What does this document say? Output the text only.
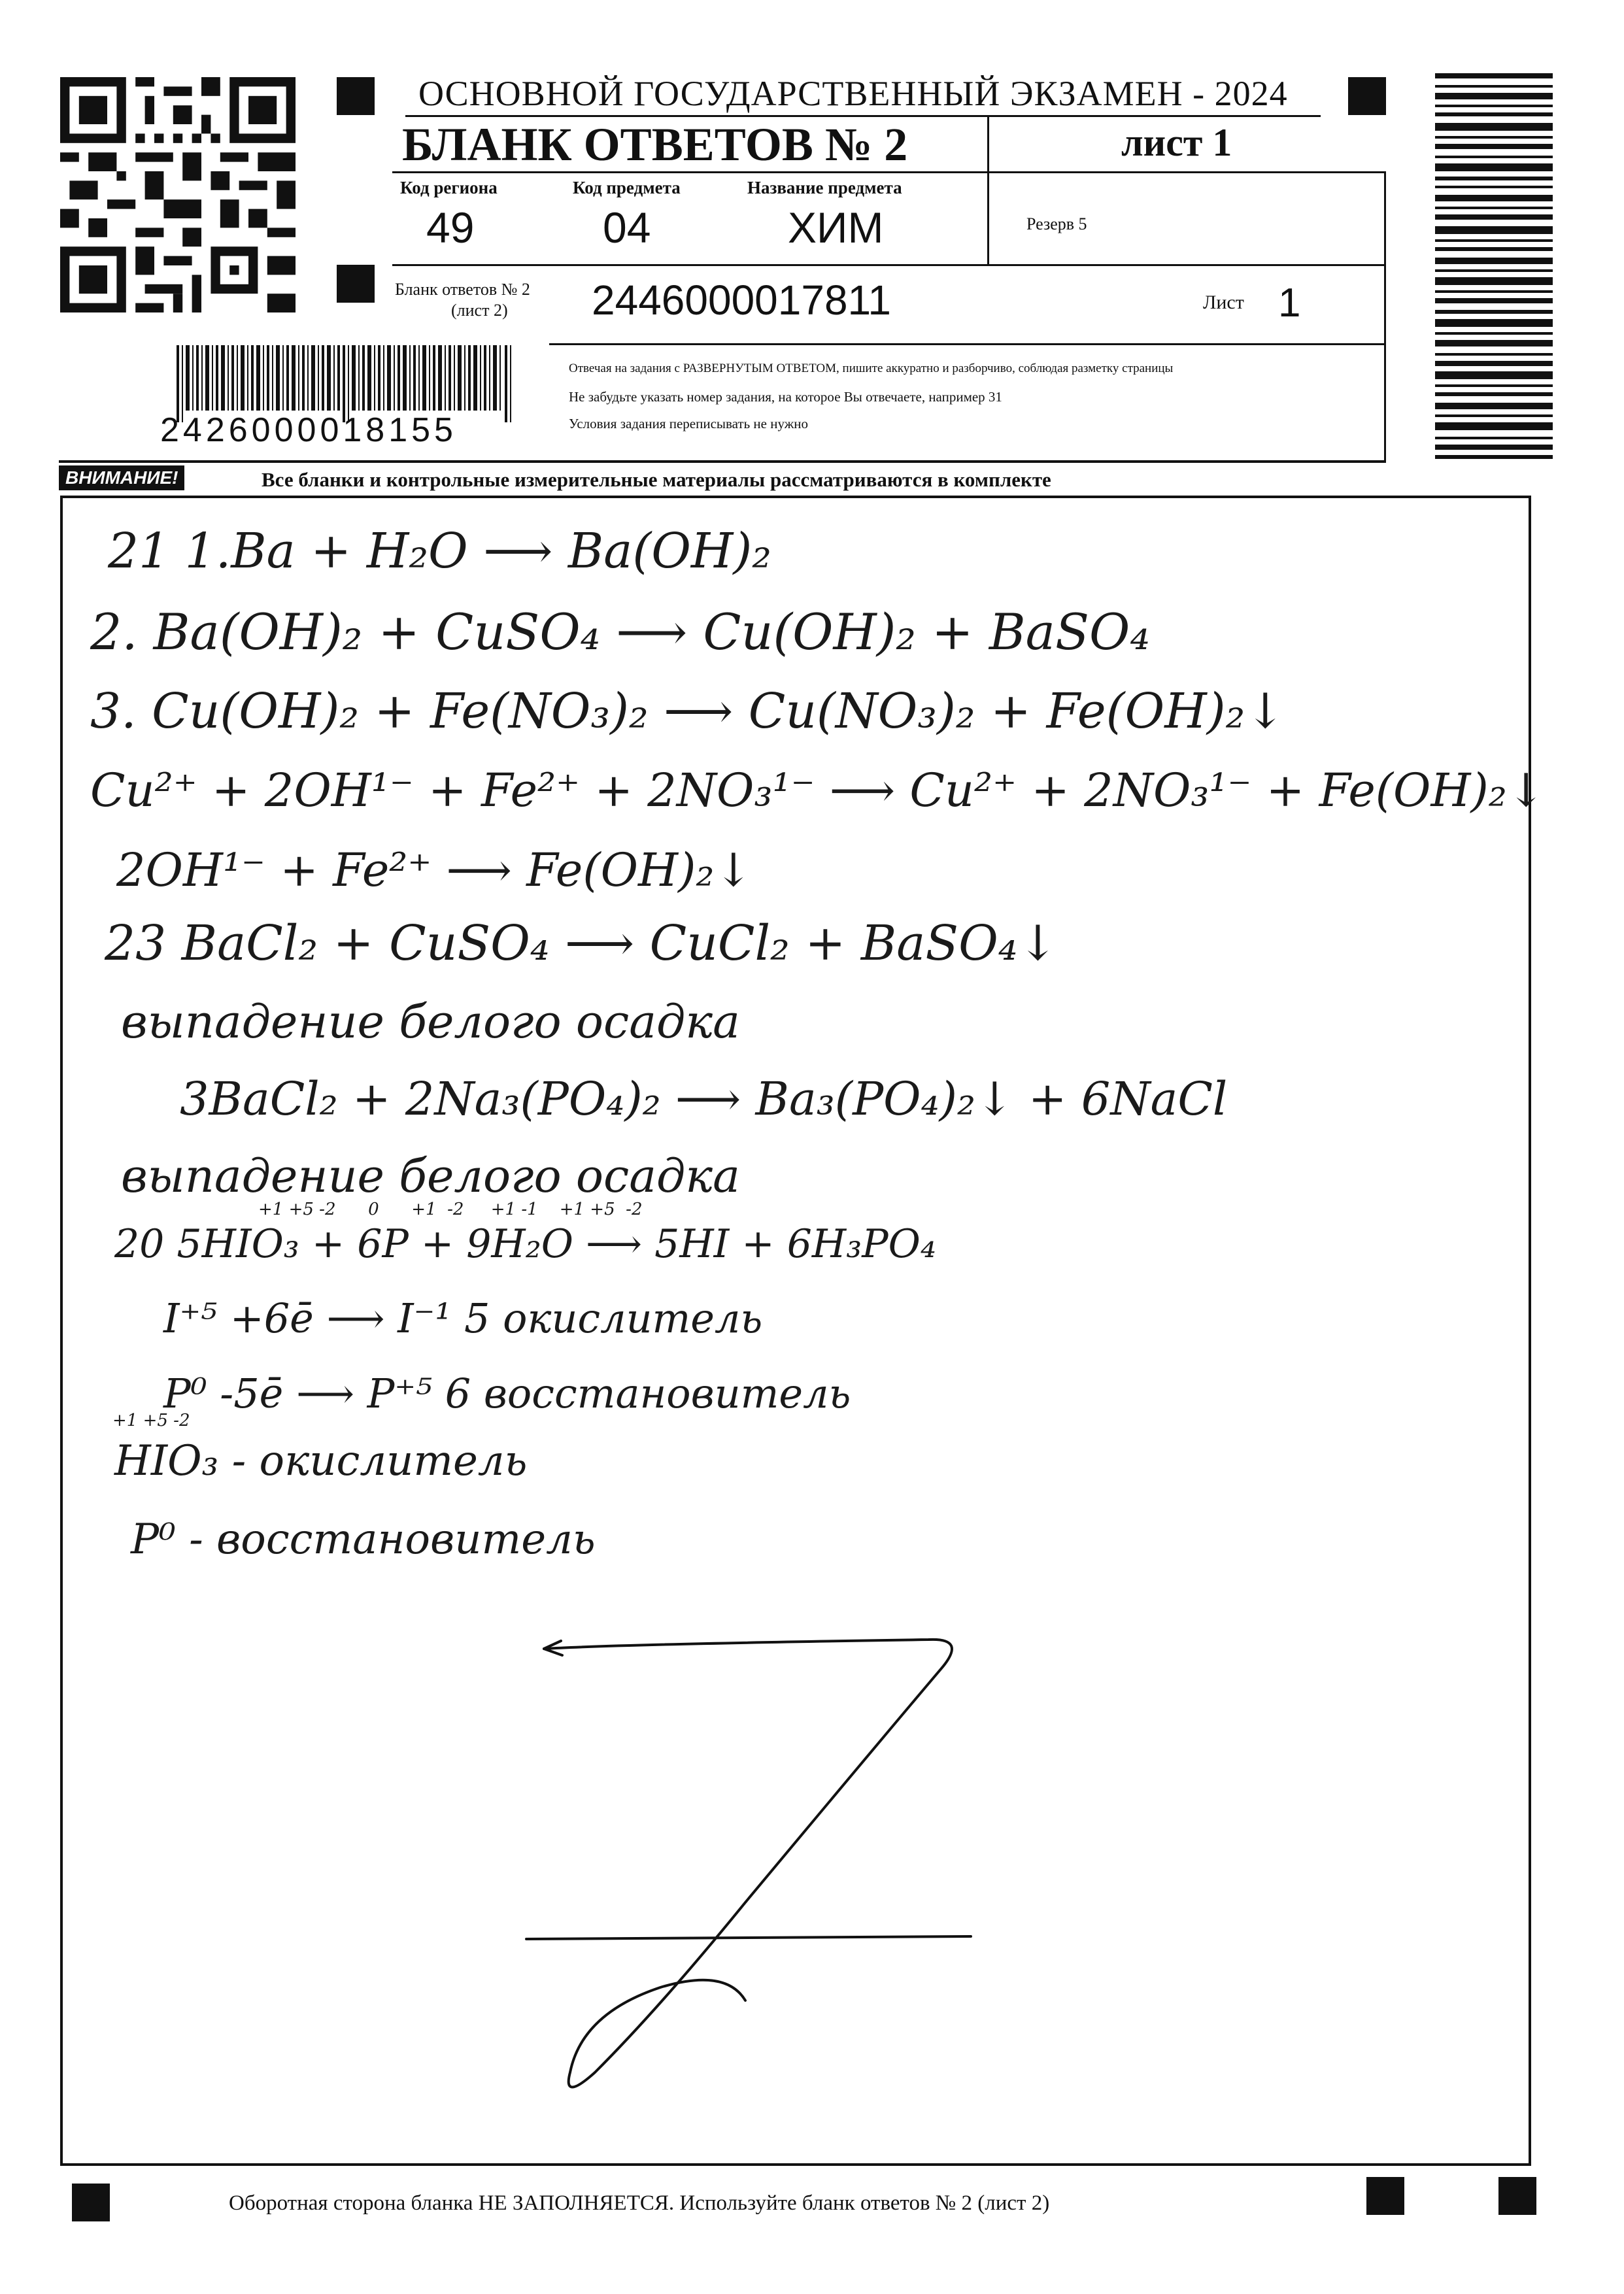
ОСНОВНОЙ ГОСУДАРСТВЕННЫЙ ЭКЗАМЕН - 2024
БЛАНК ОТВЕТОВ № 2	лист 1
Код региона
49
Код предмета
04
Название предмета
ХИМ	Резерв 5
Бланк ответов № 2
(лист 2) 2446000017811	Лист 1
2426000018155
Отвечая на задания с РАЗВЕРНУТЫМ ОТВЕТОМ, пишите аккуратно и разборчиво, соблюдая разметку страницы
Не забудьте указать номер задания, на которое Вы отвечаете, например 31
Условия задания переписывать не нужно
ВНИМАНИЕ!	Все бланки и контрольные измерительные материалы рассматриваются в комплекте
21 1.Ba + H₂O ⟶ Ba(OH)₂
2. Ba(OH)₂ + CuSO₄ ⟶ Cu(OH)₂ + BaSO₄
3. Cu(OH)₂ + Fe(NO₃)₂ ⟶ Cu(NO₃)₂ + Fe(OH)₂↓
Cu²⁺ + 2OH¹⁻ + Fe²⁺ + 2NO₃¹⁻ ⟶ Cu²⁺ + 2NO₃¹⁻ + Fe(OH)₂↓
2OH¹⁻ + Fe²⁺ ⟶ Fe(OH)₂↓
23 BaCl₂ + CuSO₄ ⟶ CuCl₂ + BaSO₄↓
выпадение белого осадка
3BaCl₂ + 2Na₃(PO₄)₂ ⟶ Ba₃(PO₄)₂↓ + 6NaCl
выпадение белого осадка
+1 +5 -2      0      +1  -2     +1 -1    +1 +5  -2
20 5HIO₃ + 6P + 9H₂O ⟶ 5HI + 6H₃PO₄
I⁺⁵ +6ē ⟶ I⁻¹ 5 окислитель
P⁰ -5ē ⟶ P⁺⁵ 6 восстановитель
+1 +5 -2
HIO₃ - окислитель
P⁰ - восстановитель
Оборотная сторона бланка НЕ ЗАПОЛНЯЕТСЯ. Используйте бланк ответов № 2 (лист 2)
